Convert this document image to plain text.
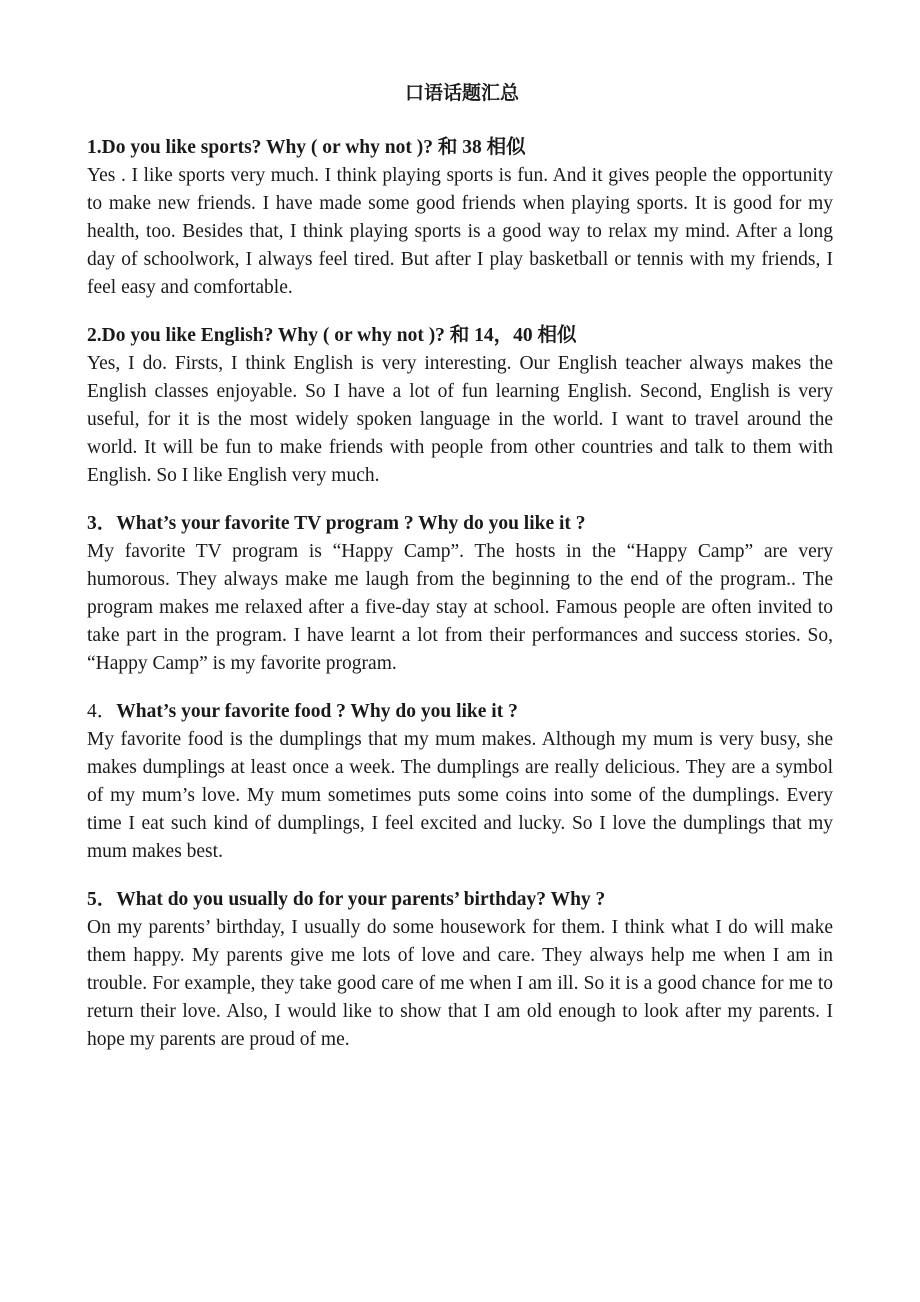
口语话题汇总

1.Do you like sports? Why ( or why not )? 和 38 相似

Yes . I like sports very much. I think playing sports is fun. And it gives people the opportunity to make new friends. I have made some good friends when playing sports. It is good for my health, too. Besides that, I think playing sports is a good way to relax my mind. After a long day of schoolwork, I always feel tired. But after I play basketball or tennis with my friends, I feel easy and comfortable.

2.Do you like English? Why ( or why not )? 和 14，40 相似

Yes, I do. Firsts, I think English is very interesting. Our English teacher always makes the English classes enjoyable. So I have a lot of fun learning English. Second, English is very useful, for it is the most widely spoken language in the world. I want to travel around the world. It will be fun to make friends with people from other countries and talk to them with English. So I like English very much.

3．What’s your favorite TV program ? Why do you like it ?

My favorite TV program is “Happy Camp”. The hosts in the “Happy Camp” are very humorous. They always make me laugh from the beginning to the end of the program.. The program makes me relaxed after a five-day stay at school. Famous people are often invited to take part in the program. I have learnt a lot from their performances and success stories. So, “Happy Camp” is my favorite program.

4．What’s your favorite food ? Why do you like it ?

My favorite food is the dumplings that my mum makes. Although my mum is very busy, she makes dumplings at least once a week. The dumplings are really delicious. They are a symbol of my mum’s love. My mum sometimes puts some coins into some of the dumplings. Every time I eat such kind of dumplings, I feel excited and lucky. So I love the dumplings that my mum makes best.

5．What do you usually do for your parents’ birthday? Why ?

On my parents’ birthday, I usually do some housework for them. I think what I do will make them happy. My parents give me lots of love and care. They always help me when I am in trouble. For example, they take good care of me when I am ill. So it is a good chance for me to return their love. Also, I would like to show that I am old enough to look after my parents. I hope my parents are proud of me.
